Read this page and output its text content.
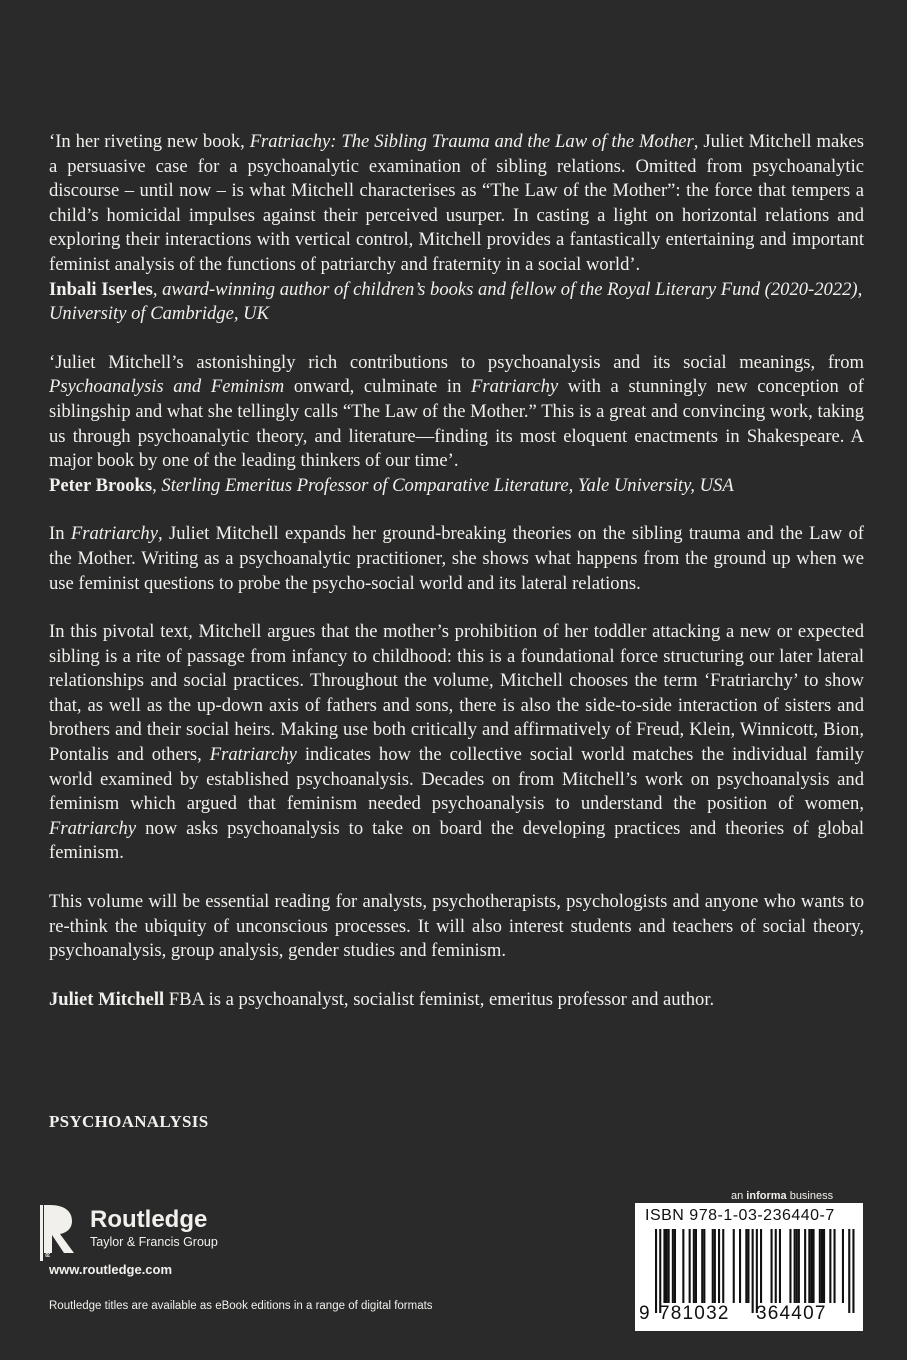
‘In her riveting new book, Fratriachy: The Sibling Trauma and the Law of the Mother, Juliet Mitchell makes a persuasive case for a psychoanalytic examination of sibling relations. Omitted from psychoanalytic discourse – until now – is what Mitchell characterises as “The Law of the Mother”: the force that tempers a child’s homicidal impulses against their perceived usurper. In casting a light on horizontal relations and exploring their interactions with vertical control, Mitchell provides a fantastically entertaining and important feminist analysis of the functions of patriarchy and fraternity in a social world’.

Inbali Iserles, award-winning author of children’s books and fellow of the Royal Literary Fund (2020-2022), University of Cambridge, UK

‘Juliet Mitchell’s astonishingly rich contributions to psychoanalysis and its social meanings, from Psychoanalysis and Feminism onward, culminate in Fratriarchy with a stunningly new conception of siblingship and what she tellingly calls “The Law of the Mother.” This is a great and convincing work, taking us through psychoanalytic theory, and literature—finding its most eloquent enactments in Shakespeare. A major book by one of the leading thinkers of our time’.

Peter Brooks, Sterling Emeritus Professor of Comparative Literature, Yale University, USA

In Fratriarchy, Juliet Mitchell expands her ground-breaking theories on the sibling trauma and the Law of the Mother. Writing as a psychoanalytic practitioner, she shows what happens from the ground up when we use feminist questions to probe the psycho-social world and its lateral relations.

In this pivotal text, Mitchell argues that the mother’s prohibition of her toddler attacking a new or expected sibling is a rite of passage from infancy to childhood: this is a foundational force structuring our later lateral relationships and social practices. Throughout the volume, Mitchell chooses the term ‘Fratriarchy’ to show that, as well as the up-down axis of fathers and sons, there is also the side-to-side interaction of sisters and brothers and their social heirs. Making use both critically and affirmatively of Freud, Klein, Winnicott, Bion, Pontalis and others, Fratriarchy indicates how the collective social world matches the individual family world examined by established psychoanalysis. Decades on from Mitchell’s work on psychoanalysis and feminism which argued that feminism needed psychoanalysis to understand the position of women, Fratriarchy now asks psychoanalysis to take on board the developing practices and theories of global feminism.

This volume will be essential reading for analysts, psychotherapists, psychologists and anyone who wants to re-think the ubiquity of unconscious processes. It will also interest students and teachers of social theory, psychoanalysis, group analysis, gender studies and feminism.

Juliet Mitchell FBA is a psychoanalyst, socialist feminist, emeritus professor and author.

PSYCHOANALYSIS
ROUTLEDGE Routledge
Taylor & Francis Group
www.routledge.com
Routledge titles are available as eBook editions in a range of digital formats
an informa business
ISBN 978-1-03-236440-7
9 781032 364407
